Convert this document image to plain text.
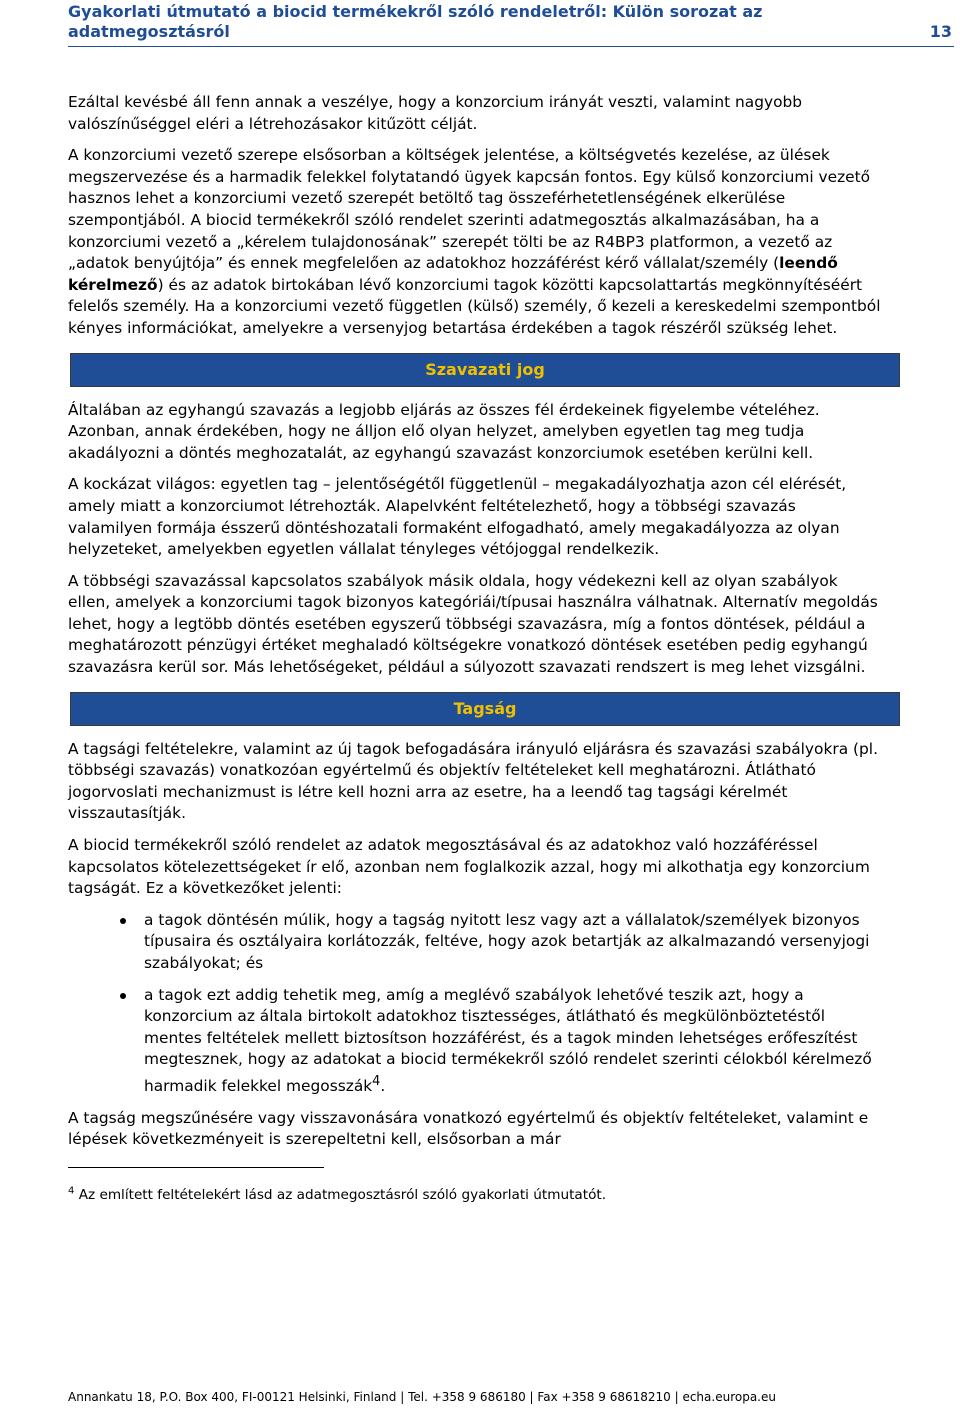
Gyakorlati útmutató a biocid termékekről szóló rendeletről: Külön sorozat az adatmegosztásról	13

Ezáltal kevésbé áll fenn annak a veszélye, hogy a konzorcium irányát veszti, valamint nagyobb valószínűséggel eléri a létrehozásakor kitűzött célját.

A konzorciumi vezető szerepe elsősorban a költségek jelentése, a költségvetés kezelése, az ülések megszervezése és a harmadik felekkel folytatandó ügyek kapcsán fontos. Egy külső konzorciumi vezető hasznos lehet a konzorciumi vezető szerepét betöltő tag összeférhetetlenségének elkerülése szempontjából. A biocid termékekről szóló rendelet szerinti adatmegosztás alkalmazásában, ha a konzorciumi vezető a „kérelem tulajdonosának” szerepét tölti be az R4BP3 platformon, a vezető az „adatok benyújtója” és ennek megfelelően az adatokhoz hozzáférést kérő vállalat/személy (leendő kérelmező) és az adatok birtokában lévő konzorciumi tagok közötti kapcsolattartás megkönnyítéséért felelős személy. Ha a konzorciumi vezető független (külső) személy, ő kezeli a kereskedelmi szempontból kényes információkat, amelyekre a versenyjog betartása érdekében a tagok részéről szükség lehet.

Szavazati jog

Általában az egyhangú szavazás a legjobb eljárás az összes fél érdekeinek figyelembe vételéhez. Azonban, annak érdekében, hogy ne álljon elő olyan helyzet, amelyben egyetlen tag meg tudja akadályozni a döntés meghozatalát, az egyhangú szavazást konzorciumok esetében kerülni kell.

A kockázat világos: egyetlen tag – jelentőségétől függetlenül – megakadályozhatja azon cél elérését, amely miatt a konzorciumot létrehozták. Alapelvként feltételezhető, hogy a többségi szavazás valamilyen formája ésszerű döntéshozatali formaként elfogadható, amely megakadályozza az olyan helyzeteket, amelyekben egyetlen vállalat tényleges vétójoggal rendelkezik.

A többségi szavazással kapcsolatos szabályok másik oldala, hogy védekezni kell az olyan szabályok ellen, amelyek a konzorciumi tagok bizonyos kategóriái/típusai használra válhatnak. Alternatív megoldás lehet, hogy a legtöbb döntés esetében egyszerű többségi szavazásra, míg a fontos döntések, például a meghatározott pénzügyi értéket meghaladó költségekre vonatkozó döntések esetében pedig egyhangú szavazásra kerül sor. Más lehetőségeket, például a súlyozott szavazati rendszert is meg lehet vizsgálni.

Tagság

A tagsági feltételekre, valamint az új tagok befogadására irányuló eljárásra és szavazási szabályokra (pl. többségi szavazás) vonatkozóan egyértelmű és objektív feltételeket kell meghatározni. Átlátható jogorvoslati mechanizmust is létre kell hozni arra az esetre, ha a leendő tag tagsági kérelmét visszautasítják.

A biocid termékekről szóló rendelet az adatok megosztásával és az adatokhoz való hozzáféréssel kapcsolatos kötelezettségeket ír elő, azonban nem foglalkozik azzal, hogy mi alkothatja egy konzorcium tagságát. Ez a következőket jelenti:

a tagok döntésén múlik, hogy a tagság nyitott lesz vagy azt a vállalatok/személyek bizonyos típusaira és osztályaira korlátozzák, feltéve, hogy azok betartják az alkalmazandó versenyjogi szabályokat; és
a tagok ezt addig tehetik meg, amíg a meglévő szabályok lehetővé teszik azt, hogy a konzorcium az általa birtokolt adatokhoz tisztességes, átlátható és megkülönböztetéstől mentes feltételek mellett biztosítson hozzáférést, és a tagok minden lehetséges erőfeszítést megtesznek, hogy az adatokat a biocid termékekről szóló rendelet szerinti célokból kérelmező harmadik felekkel megosszák$^4$.

A tagság megszűnésére vagy visszavonására vonatkozó egyértelmű és objektív feltételeket, valamint e lépések következményeit is szerepeltetni kell, elsősorban a már

$^4$ Az említett feltételekért lásd az adatmegosztásról szóló gyakorlati útmutatót.
Annankatu 18, P.O. Box 400, FI-00121 Helsinki, Finland | Tel. +358 9 686180 | Fax +358 9 68618210 | echa.europa.eu
